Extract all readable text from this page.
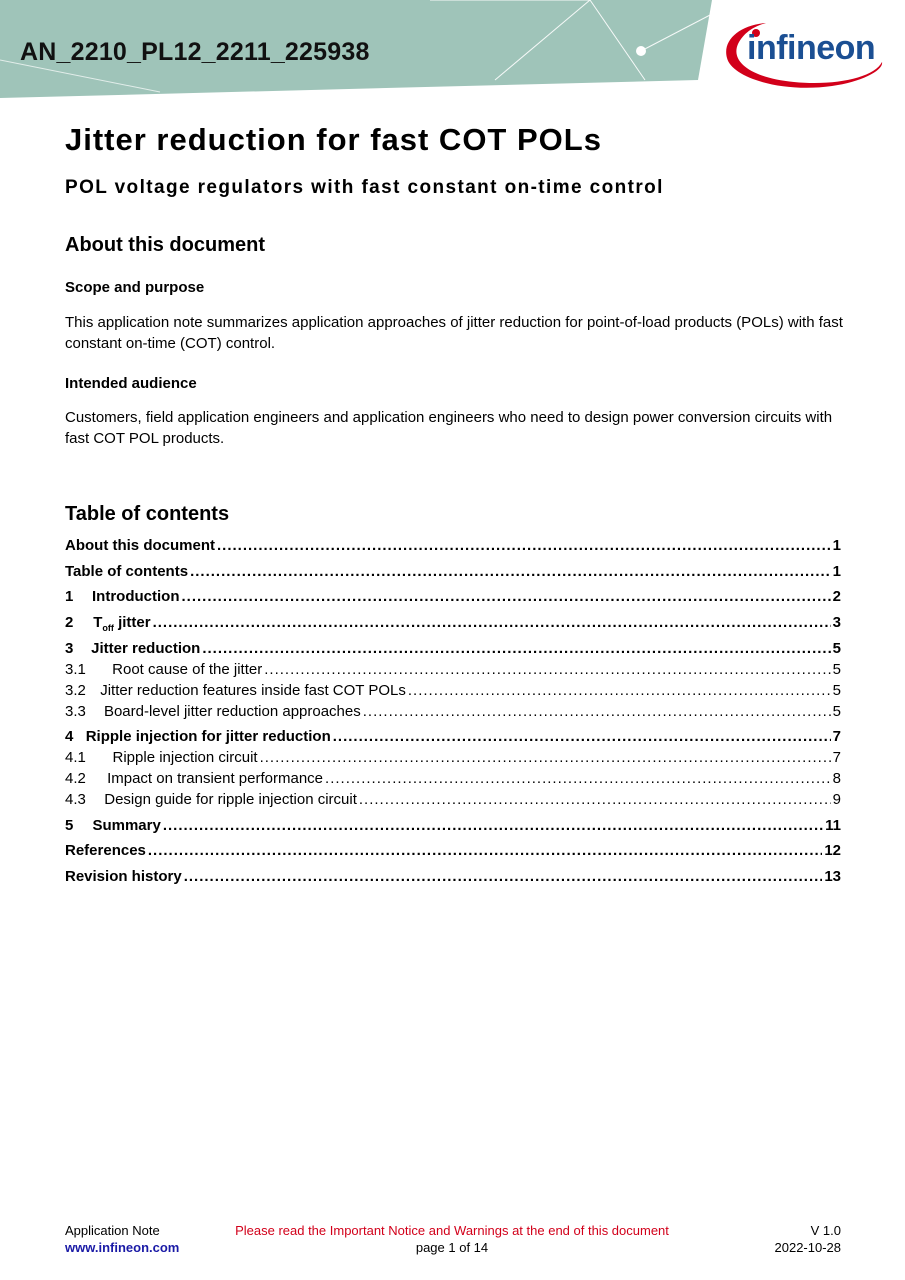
AN_2210_PL12_2211_225938	infineon
Jitter reduction for fast COT POLs
POL voltage regulators with fast constant on-time control
About this document
Scope and purpose

This application note summarizes application approaches of jitter reduction for point-of-load products (POLs) with fast constant on-time (COT) control.

Intended audience

Customers, field application engineers and application engineers who need to design power conversion circuits with fast COT POL products.

Table of contents
About this document .....	1
Table of contents .....	1
1	Introduction .....	2
2	$T_{off}$ jitter .....	3
3	Jitter reduction .....	5
3.1	Root cause of the jitter .....	5
3.2 Jitter reduction features inside fast COT POLs .....	5
3.3	Board-level jitter reduction approaches .....	5
4 Ripple injection for jitter reduction .....	7
4.1	Ripple injection circuit .....	7
4.2	Impact on transient performance .....	8
4.3	Design guide for ripple injection circuit .....	9
5	Summary .....	11
References .....	12
Revision history .....	13
Application Note
www.infineon.com
Please read the Important Notice and Warnings at the end of this document
page 1 of 14
V 1.0
2022-10-28
